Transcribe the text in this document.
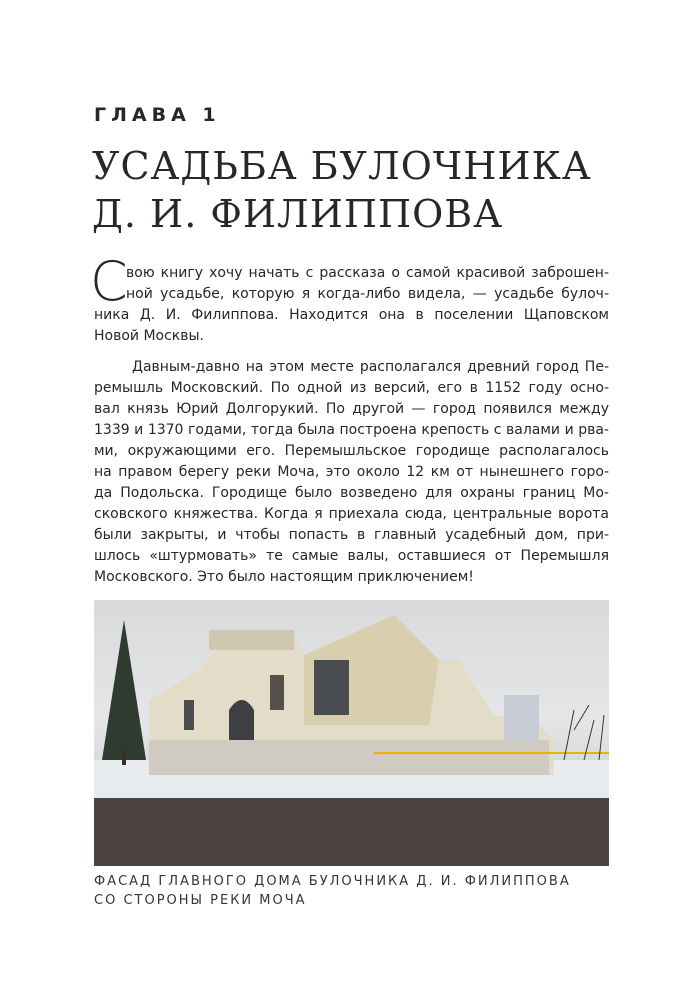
ГЛАВА 1
УСАДЬБА БУЛОЧНИКА
Д. И. ФИЛИППОВА
С
вою книгу хочу начать с рассказа о самой красивой заброшен-
ной усадьбе, которую я когда-либо видела, — усадьбе булоч-
ника Д. И. Филиппова. Находится она в поселении Щаповском
Новой Москвы.
Давным-давно на этом месте располагался древний город Пе-
ремышль Московский. По одной из версий, его в 1152 году осно-
вал князь Юрий Долгорукий. По другой — город появился между
1339 и 1370 годами, тогда была построена крепость с валами и рва-
ми, окружающими его. Перемышльское городище располагалось
на правом берегу реки Моча, это около 12 км от нынешнего горо-
да Подольска. Городище было возведено для охраны границ Мо-
сковского княжества. Когда я приехала сюда, центральные ворота
были закрыты, и чтобы попасть в главный усадебный дом, при-
шлось «штурмовать» те самые валы, оставшиеся от Перемышля
Московского. Это было настоящим приключением!
ФАСАД ГЛАВНОГО ДОМА БУЛОЧНИКА Д. И. ФИЛИППОВА
СО СТОРОНЫ РЕКИ МОЧА
